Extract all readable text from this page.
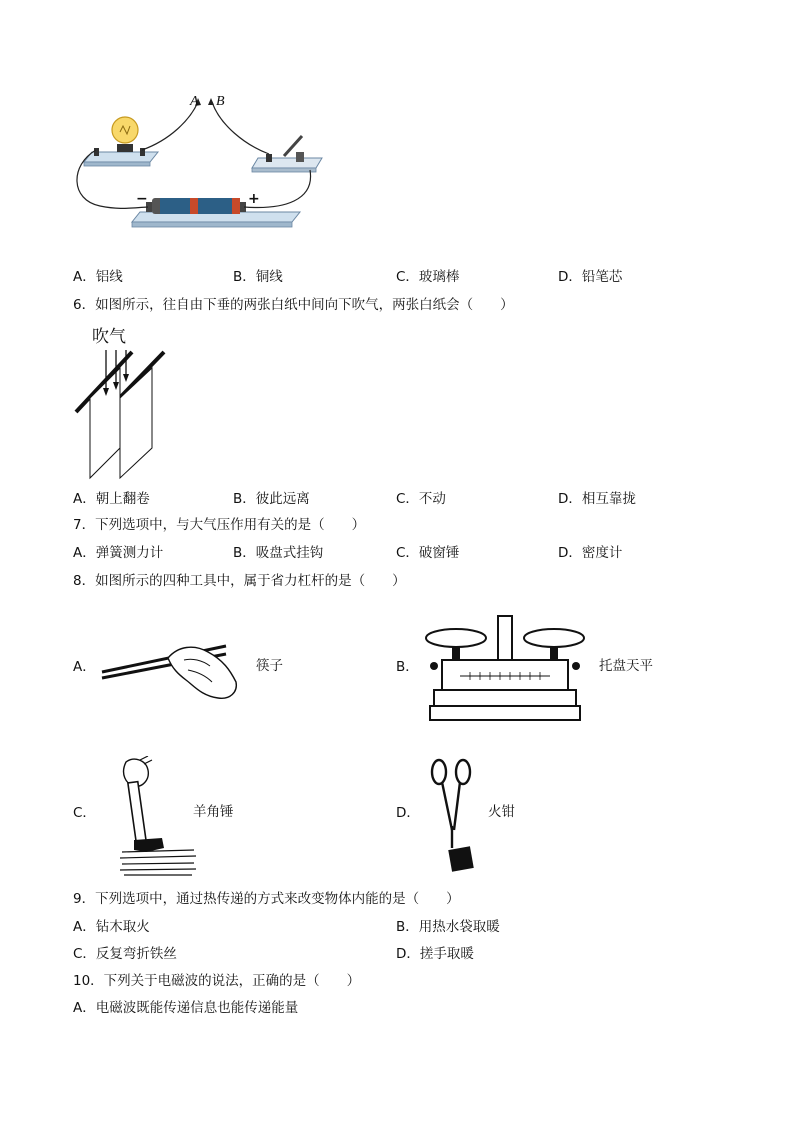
A B
−	+
A．铝线	B．铜线	C．玻璃棒	D．铅笔芯
6．如图所示，往自由下垂的两张白纸中间向下吹气，两张白纸会（　　）
吹气
A．朝上翻卷	B．彼此远离	C．不动	D．相互靠拢
7．下列选项中，与大气压作用有关的是（　　）
A．弹簧测力计	B．吸盘式挂钩	C．破窗锤	D．密度计
8．如图所示的四种工具中，属于省力杠杆的是（　　）
A．	筷子	B．	托盘天平
C．	羊角锤	D．	火钳
9．下列选项中，通过热传递的方式来改变物体内能的是（　　）
A．钻木取火	B．用热水袋取暖
C．反复弯折铁丝	D．搓手取暖
10．下列关于电磁波的说法，正确的是（　　）
A．电磁波既能传递信息也能传递能量
